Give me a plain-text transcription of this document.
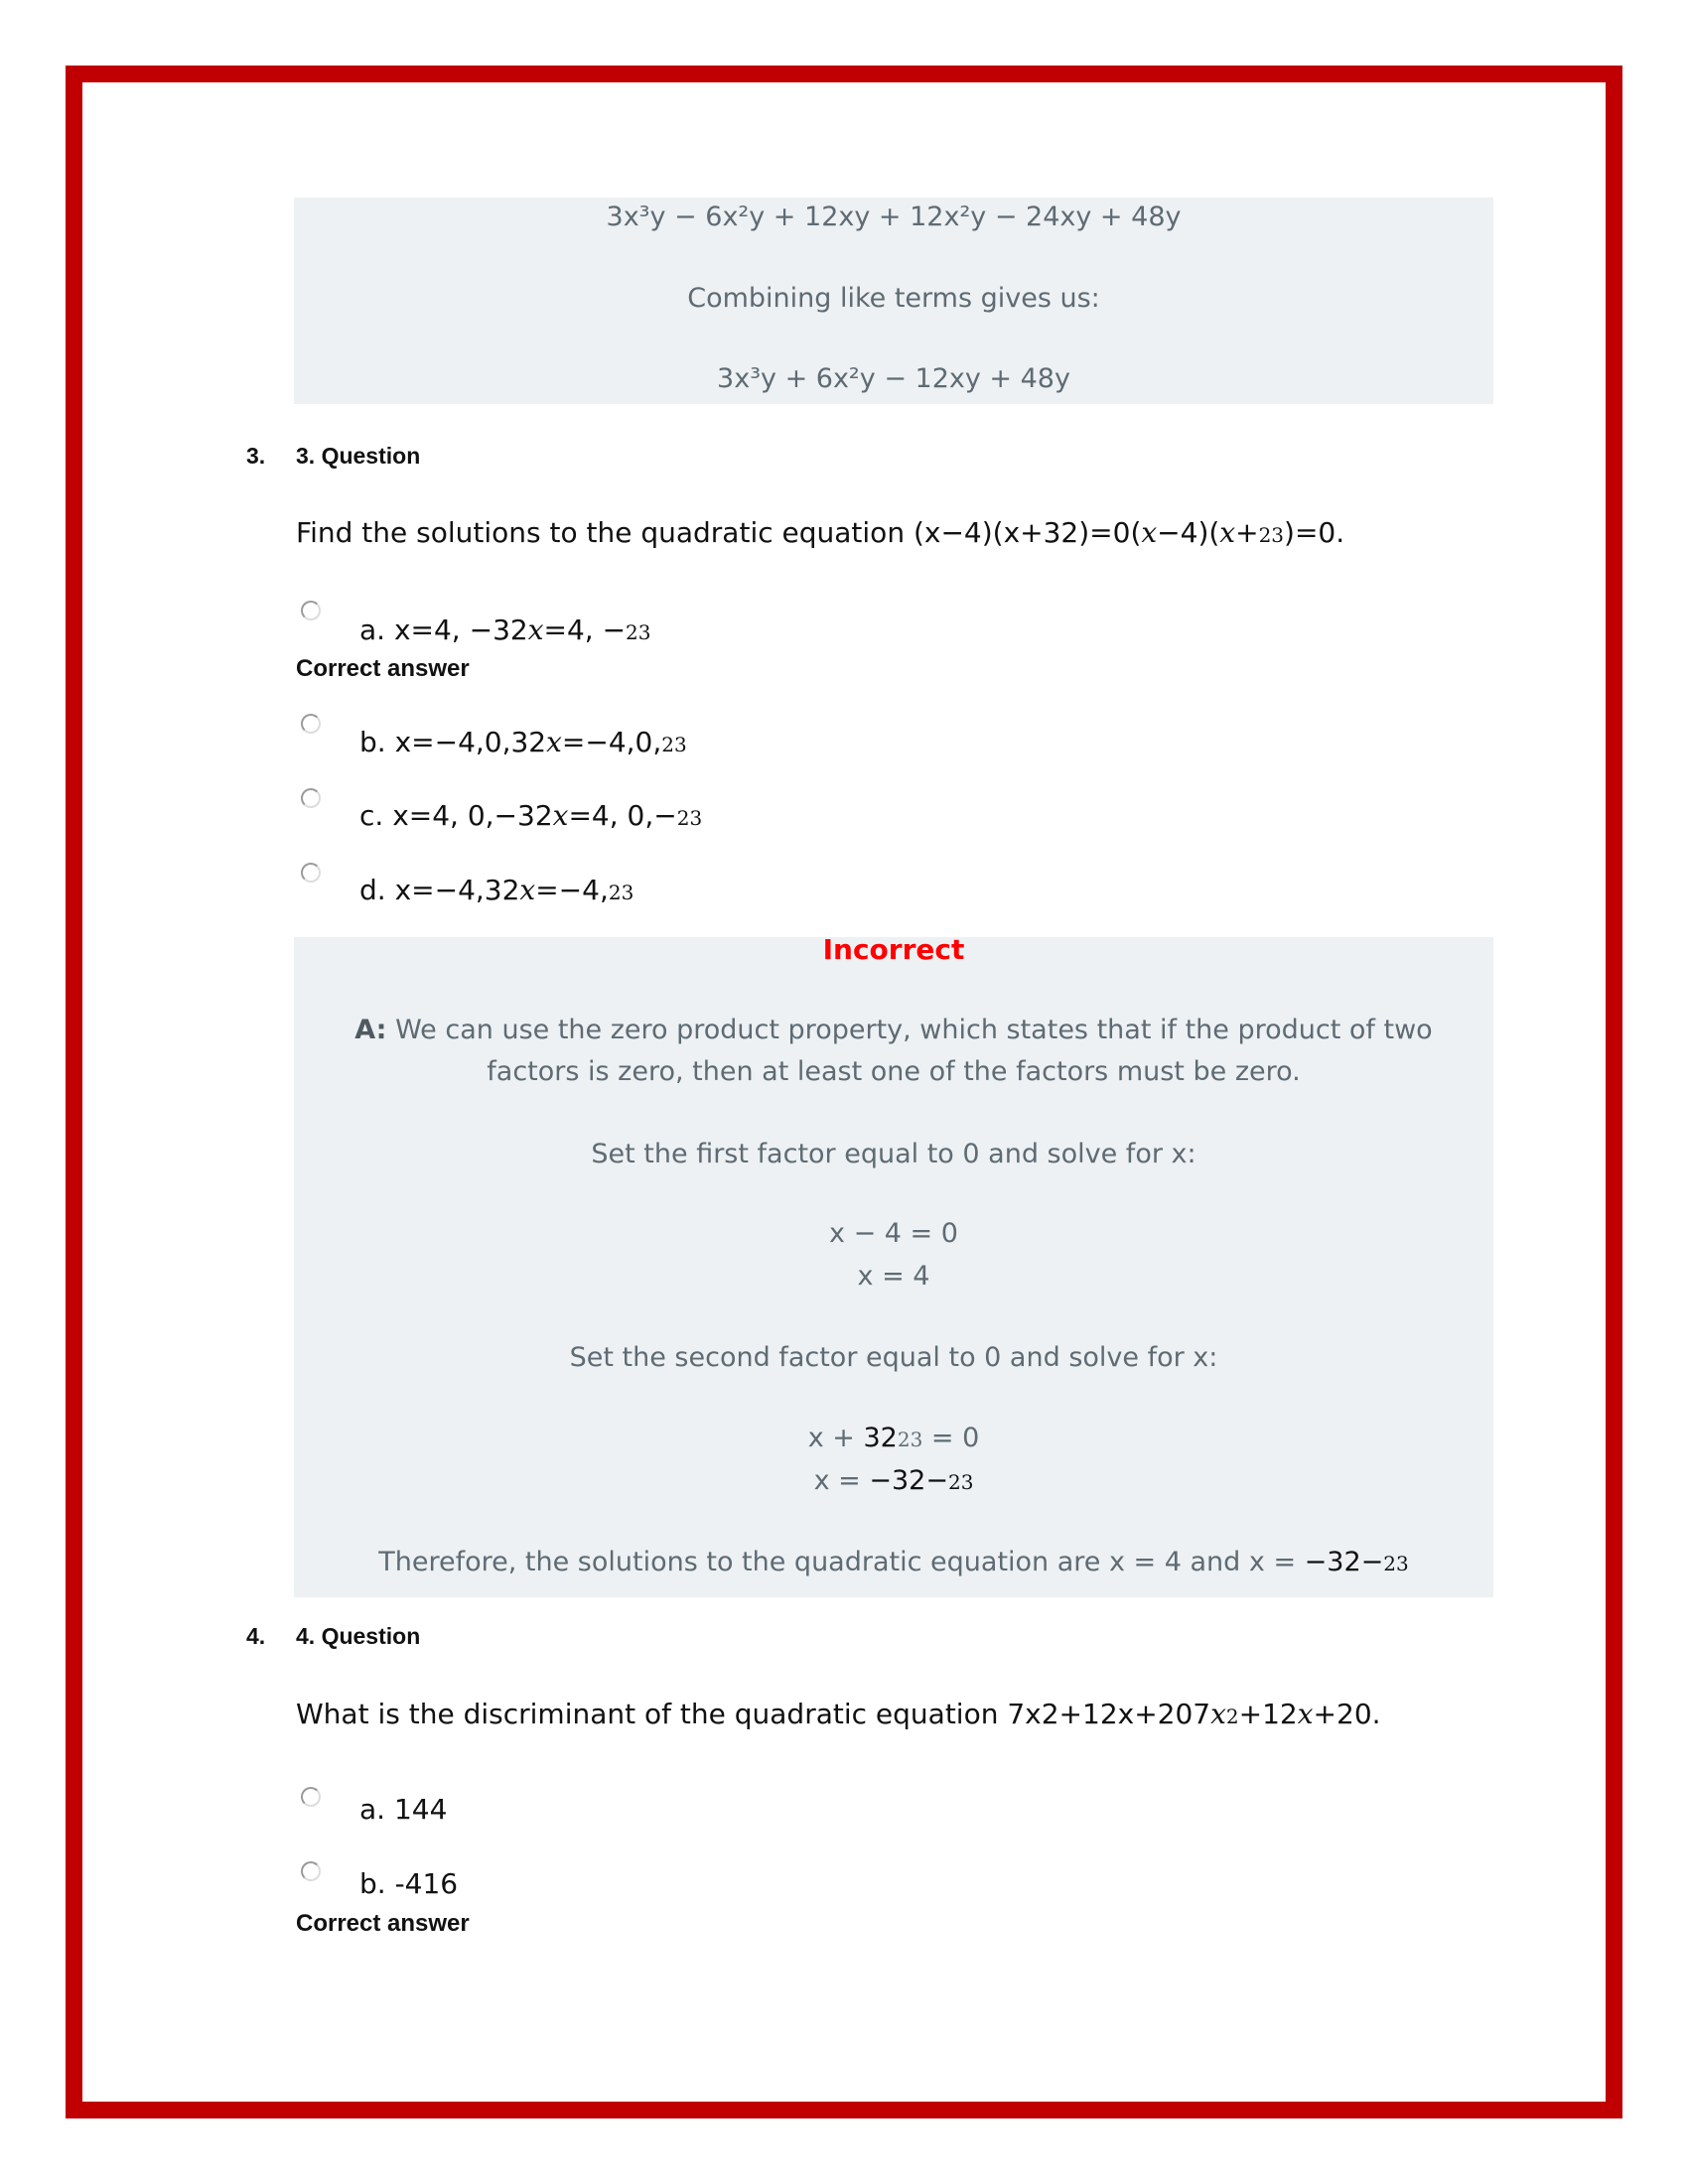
3x³y − 6x²y + 12xy + 12x²y − 24xy + 48y
Combining like terms gives us:
3x³y + 6x²y − 12xy + 48y
3. 3. Question
Find the solutions to the quadratic equation (x−4)(x+32)=0(x−4)(x+23)=0.
a. x=4, −32x=4, −23
Correct answer
b. x=−4,0,32x=−4,0,23
c. x=4, 0,−32x=4, 0,−23
d. x=−4,32x=−4,23
Incorrect
A: We can use the zero product property, which states that if the product of two
factors is zero, then at least one of the factors must be zero.
Set the first factor equal to 0 and solve for x:
x − 4 = 0
x = 4
Set the second factor equal to 0 and solve for x:
x + 3223 = 0
x = −32−23
Therefore, the solutions to the quadratic equation are x = 4 and x = −32−23
4. 4. Question
What is the discriminant of the quadratic equation 7x2+12x+207x2+12x+20.
a. 144
b. -416
Correct answer
